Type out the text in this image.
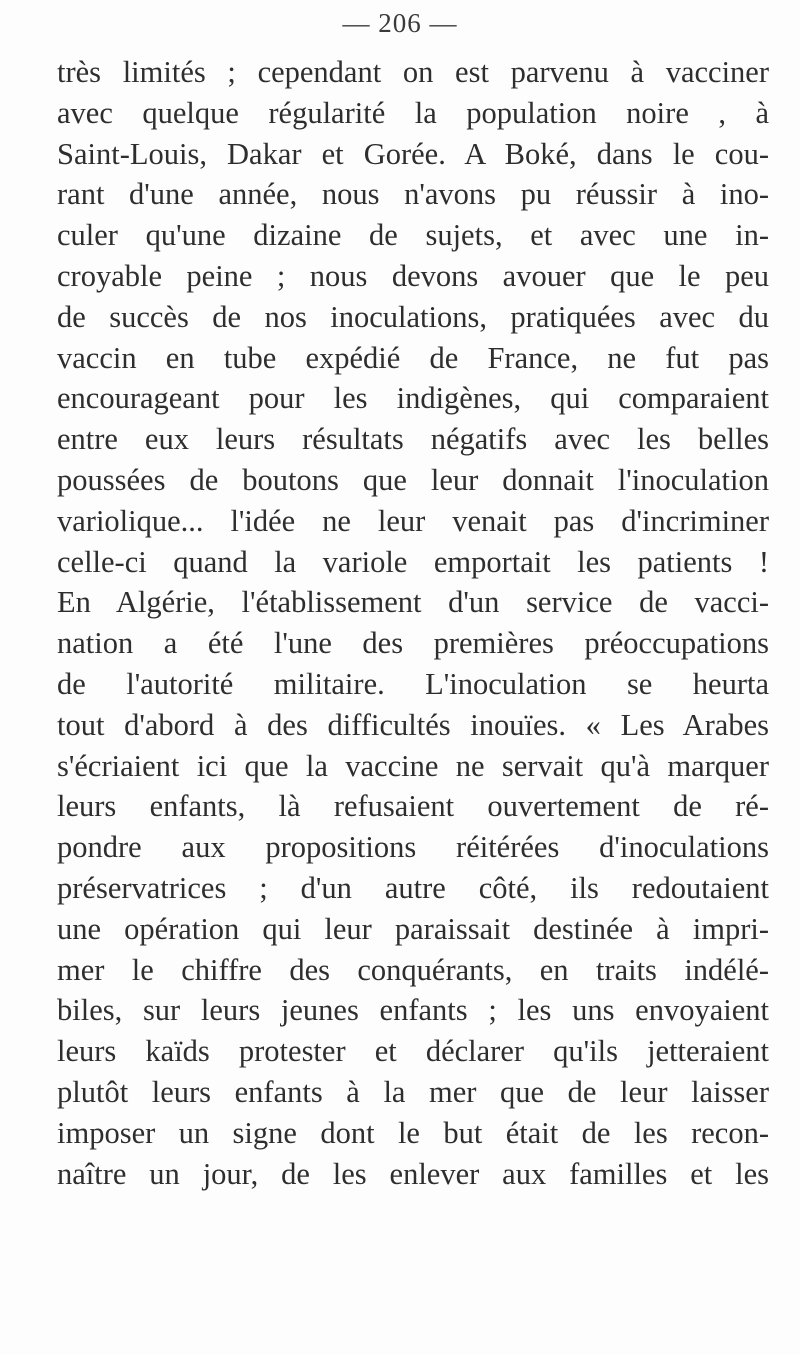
— 206 —
très limités ; cependant on est parvenu à vacciner
avec quelque régularité la population noire , à
Saint-Louis, Dakar et Gorée. A Boké, dans le cou-
rant d'une année, nous n'avons pu réussir à ino-
culer qu'une dizaine de sujets, et avec une in-
croyable peine ; nous devons avouer que le peu
de succès de nos inoculations, pratiquées avec du
vaccin en tube expédié de France, ne fut pas
encourageant pour les indigènes, qui comparaient
entre eux leurs résultats négatifs avec les belles
poussées de boutons que leur donnait l'inoculation
variolique... l'idée ne leur venait pas d'incriminer
celle-ci quand la variole emportait les patients !
En Algérie, l'établissement d'un service de vacci-
nation a été l'une des premières préoccupations
de l'autorité militaire. L'inoculation se heurta
tout d'abord à des difficultés inouïes. « Les Arabes
s'écriaient ici que la vaccine ne servait qu'à marquer
leurs enfants, là refusaient ouvertement de ré-
pondre aux propositions réitérées d'inoculations
préservatrices ; d'un autre côté, ils redoutaient
une opération qui leur paraissait destinée à impri-
mer le chiffre des conquérants, en traits indélé-
biles, sur leurs jeunes enfants ; les uns envoyaient
leurs kaïds protester et déclarer qu'ils jetteraient
plutôt leurs enfants à la mer que de leur laisser
imposer un signe dont le but était de les recon-
naître un jour, de les enlever aux familles et les
